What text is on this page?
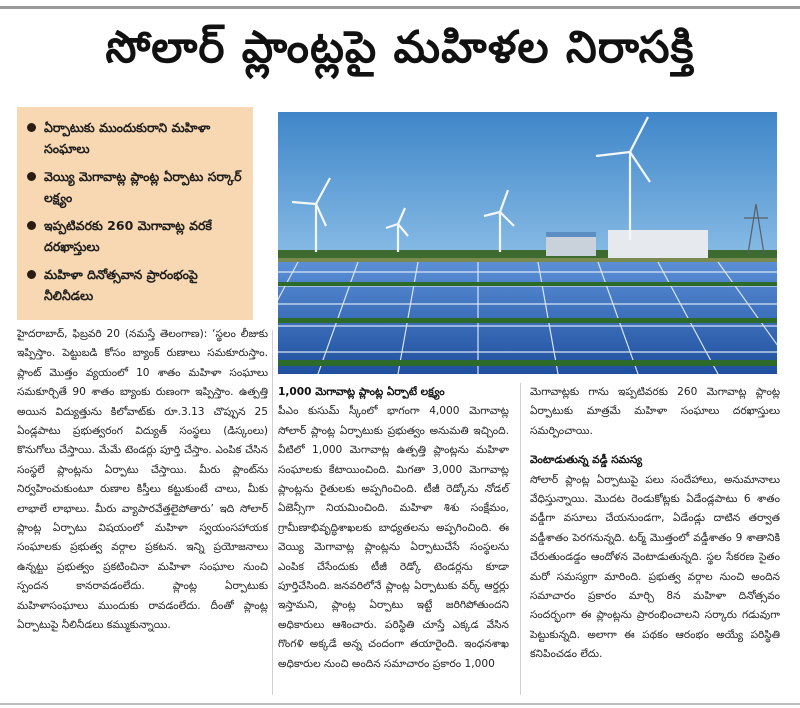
సోలార్ ప్లాంట్లపై మహిళల నిరాసక్తి
ఏర్పాటుకు ముందుకురాని మహిళా సంఘాలు
వెయ్యి మెగావాట్ల ప్లాంట్ల ఏర్పాటు సర్కార్ లక్ష్యం
ఇప్పటివరకు 260 మెగావాట్ల వరకే దరఖాస్తులు
మహిళా దినోత్సవాన ప్రారంభంపై నీలినీడలు

హైదరాబాద్, ఫిబ్రవరి 20 (నమస్తే తెలంగాణ): ‘స్థలం లీజుకు ఇప్పిస్తాం. పెట్టుబడి కోసం బ్యాంక్ రుణాలు సమకూరుస్తాం. ప్లాంట్ మొత్తం వ్యయంలో 10 శాతం మహిళా సంఘాలు సమకూర్చితే 90 శాతం బ్యాంకు రుణంగా ఇప్పిస్తాం. ఉత్పత్తి అయిన విద్యుత్తును కిలోవాట్‌కు రూ.3.13 చొప్పున 25 ఏండ్లపాటు ప్రభుత్వరంగ విద్యుత్ సంస్థలు (డిస్కంలు) కొనుగోలు చేస్తాయి. మేమే టెండర్లు పూర్తి చేస్తాం. ఎంపిక చేసిన సంస్థలే ప్లాంట్లను ఏర్పాటు చేస్తాయి. మీరు ప్లాంట్‌ను నిర్వహించుకుంటూ రుణాల కిస్తీలు కట్టుకుంటే చాలు, మీకు లాభాలే లాభాలు. మీరు వ్యాపారవేత్తలైపోతారు’ ఇది సోలార్ ప్లాంట్ల ఏర్పాటు విషయంలో మహిళా స్వయంసహాయక సంఘాలకు ప్రభుత్వ వర్గాల ప్రకటన. ఇన్ని ప్రయోజనాలు ఉన్నట్టు ప్రభుత్వం ప్రకటించినా మహిళా సంఘాల నుంచి స్పందన కానరావడంలేదు. ప్లాంట్ల ఏర్పాటుకు మహిళాసంఘాలు ముందుకు రావడంలేదు. దీంతో ప్లాంట్ల ఏర్పాటుపై నీలినీడలు కమ్ముకున్నాయి.

1,000 మెగావాట్ల ప్లాంట్ల ఏర్పాటే లక్ష్యం

పీఎం కుసుమ్ స్కీంలో భాగంగా 4,000 మెగావాట్ల సోలార్ ప్లాంట్ల ఏర్పాటుకు ప్రభుత్వం అనుమతి ఇచ్చింది. వీటిలో 1,000 మెగావాట్ల ఉత్పత్తి ప్లాంట్లను మహిళా సంఘాలకు కేటాయించింది. మిగతా 3,000 మెగావాట్ల ప్లాంట్లను రైతులకు అప్పగించింది. టీజీ రెడ్కోను నోడల్ ఏజెన్సీగా నియమించింది. మహిళా శిశు సంక్షేమం, గ్రామీణాభివృద్ధిశాఖలకు బాధ్యతలను అప్పగించింది. ఈ వెయ్యి మెగావాట్ల ప్లాంట్లను ఏర్పాటుచేసే సంస్థలను ఎంపిక చేసేందుకు టీజీ రెడ్కో టెండర్లను కూడా పూర్తిచేసింది. జనవరిలోనే ప్లాంట్ల ఏర్పాటుకు వర్క్ ఆర్డర్లు ఇస్తామని, ప్లాంట్ల ఏర్పాటు ఇట్టే జరిగిపోతుందని అధికారులు ఆశించారు. పరిస్థితి చూస్తే ఎక్కడ వేసిన గొంగళి అక్కడే అన్న చందంగా తయారైంది. ఇంధనశాఖ అధికారుల నుంచి అందిన సమాచారం ప్రకారం 1,000

మెగావాట్లకు గాను ఇప్పటివరకు 260 మెగావాట్ల ప్లాంట్ల ఏర్పాటుకు మాత్రమే మహిళా సంఘాలు దరఖాస్తులు సమర్పించాయి.

వెంటాడుతున్న వడ్డీ సమస్య

సోలార్ ప్లాంట్ల ఏర్పాటుపై పలు సందేహాలు, అనుమానాలు వేధిస్తున్నాయి. మొదట రెండుకోట్లకు ఏడేండ్లపాటు 6 శాతం వడ్డీగా వసూలు చేయనుండగా, ఏడేండ్లు దాటిన తర్వాత వడ్డీశాతం పెరగనున్నది. టర్మ్ మొత్తంలో వడ్డీశాతం 9 శాతానికి చేరుతుండడ్డం ఆందోళన వెంటాడుతున్నది. స్థల సేకరణ సైతం మరో సమస్యగా మారింది. ప్రభుత్వ వర్గాల నుంచి అందిన సమాచారం ప్రకారం మార్చి 8న మహిళా దినోత్సవం సందర్భంగా ఈ ప్లాంట్లను ప్రారంభించాలని సర్కారు గడువుగా పెట్టుకున్నది. అలాగా ఈ పథకం ఆరంభం అయ్యే పరిస్థితి కనిపించడం లేదు.
